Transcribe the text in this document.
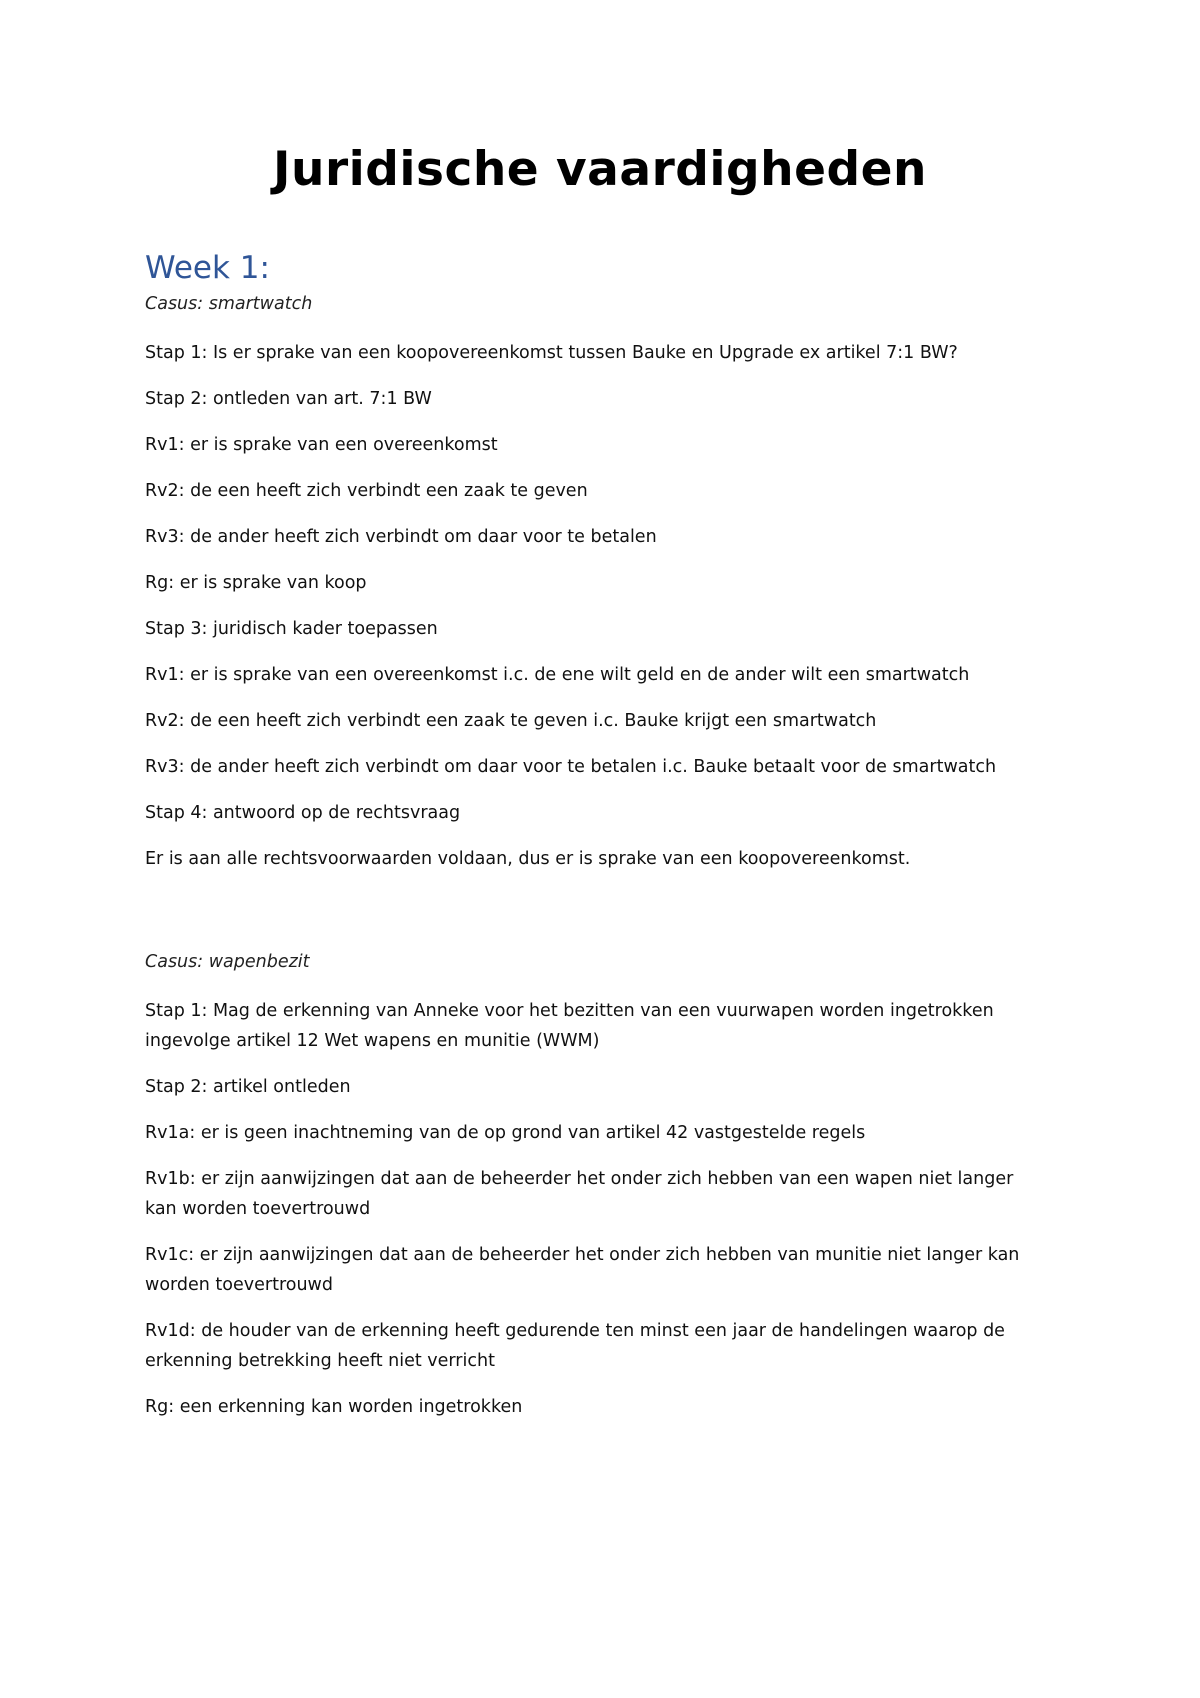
Juridische vaardigheden
Week 1:

Casus: smartwatch

Stap 1: Is er sprake van een koopovereenkomst tussen Bauke en Upgrade ex artikel 7:1 BW?

Stap 2: ontleden van art. 7:1 BW

Rv1: er is sprake van een overeenkomst

Rv2: de een heeft zich verbindt een zaak te geven

Rv3: de ander heeft zich verbindt om daar voor te betalen

Rg: er is sprake van koop

Stap 3: juridisch kader toepassen

Rv1: er is sprake van een overeenkomst i.c. de ene wilt geld en de ander wilt een smartwatch

Rv2: de een heeft zich verbindt een zaak te geven i.c. Bauke krijgt een smartwatch

Rv3: de ander heeft zich verbindt om daar voor te betalen i.c. Bauke betaalt voor de smartwatch

Stap 4: antwoord op de rechtsvraag

Er is aan alle rechtsvoorwaarden voldaan, dus er is sprake van een koopovereenkomst.

Casus: wapenbezit

Stap 1: Mag de erkenning van Anneke voor het bezitten van een vuurwapen worden ingetrokken ingevolge artikel 12 Wet wapens en munitie (WWM)

Stap 2: artikel ontleden

Rv1a: er is geen inachtneming van de op grond van artikel 42 vastgestelde regels

Rv1b: er zijn aanwijzingen dat aan de beheerder het onder zich hebben van een wapen niet langer kan worden toevertrouwd

Rv1c: er zijn aanwijzingen dat aan de beheerder het onder zich hebben van munitie niet langer kan worden toevertrouwd

Rv1d: de houder van de erkenning heeft gedurende ten minst een jaar de handelingen waarop de erkenning betrekking heeft niet verricht

Rg: een erkenning kan worden ingetrokken
